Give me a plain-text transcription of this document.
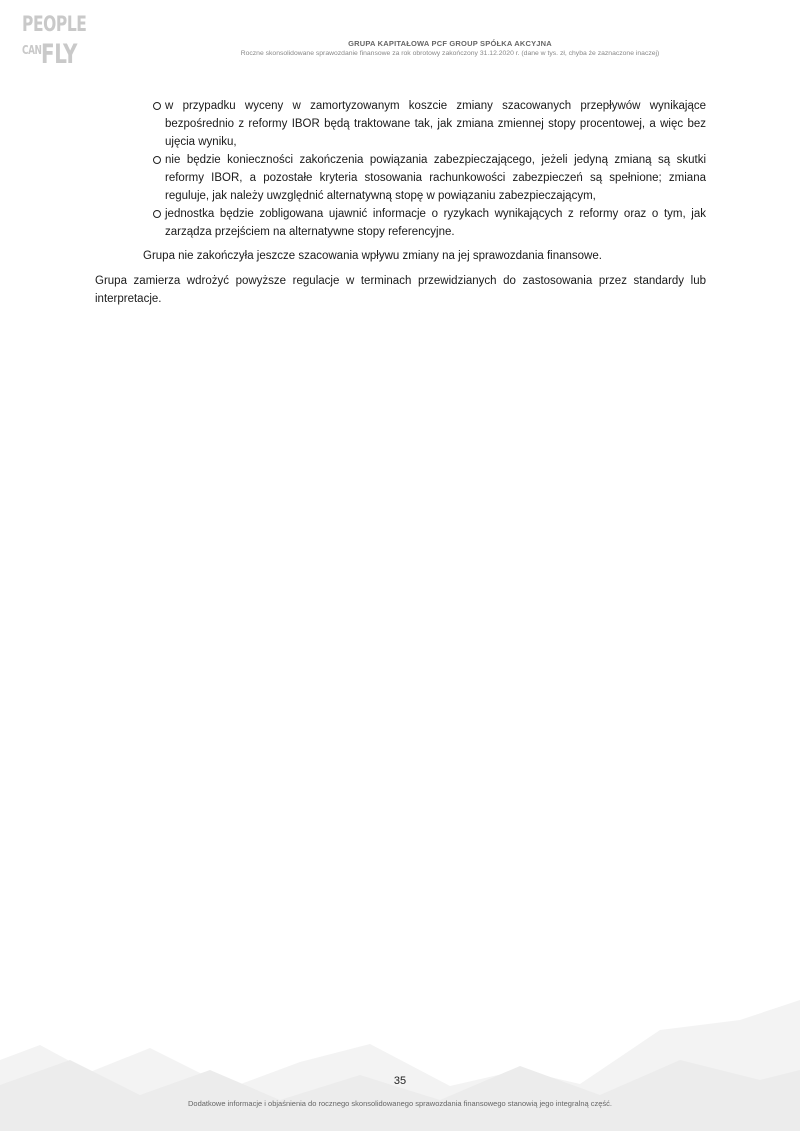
PEOPLE
CAN FLY	GRUPA KAPITAŁOWA PCF GROUP SPÓŁKA AKCYJNA
Roczne skonsolidowane sprawozdanie finansowe za rok obrotowy zakończony 31.12.2020 r. (dane w tys. zł, chyba że zaznaczone inaczej)
w przypadku wyceny w zamortyzowanym koszcie zmiany szacowanych przepływów wynikające bezpośrednio z reformy IBOR będą traktowane tak, jak zmiana zmiennej stopy procentowej, a więc bez ujęcia wyniku,
nie będzie konieczności zakończenia powiązania zabezpieczającego, jeżeli jedyną zmianą są skutki reformy IBOR, a pozostałe kryteria stosowania rachunkowości zabezpieczeń są spełnione; zmiana reguluje, jak należy uwzględnić alternatywną stopę w powiązaniu zabezpieczającym,
jednostka będzie zobligowana ujawnić informacje o ryzykach wynikających z reformy oraz o tym, jak zarządza przejściem na alternatywne stopy referencyjne.
Grupa nie zakończyła jeszcze szacowania wpływu zmiany na jej sprawozdania finansowe.
Grupa zamierza wdrożyć powyższe regulacje w terminach przewidzianych do zastosowania przez standardy lub interpretacje.
35
Dodatkowe informacje i objaśnienia do rocznego skonsolidowanego sprawozdania finansowego stanowią jego integralną część.
